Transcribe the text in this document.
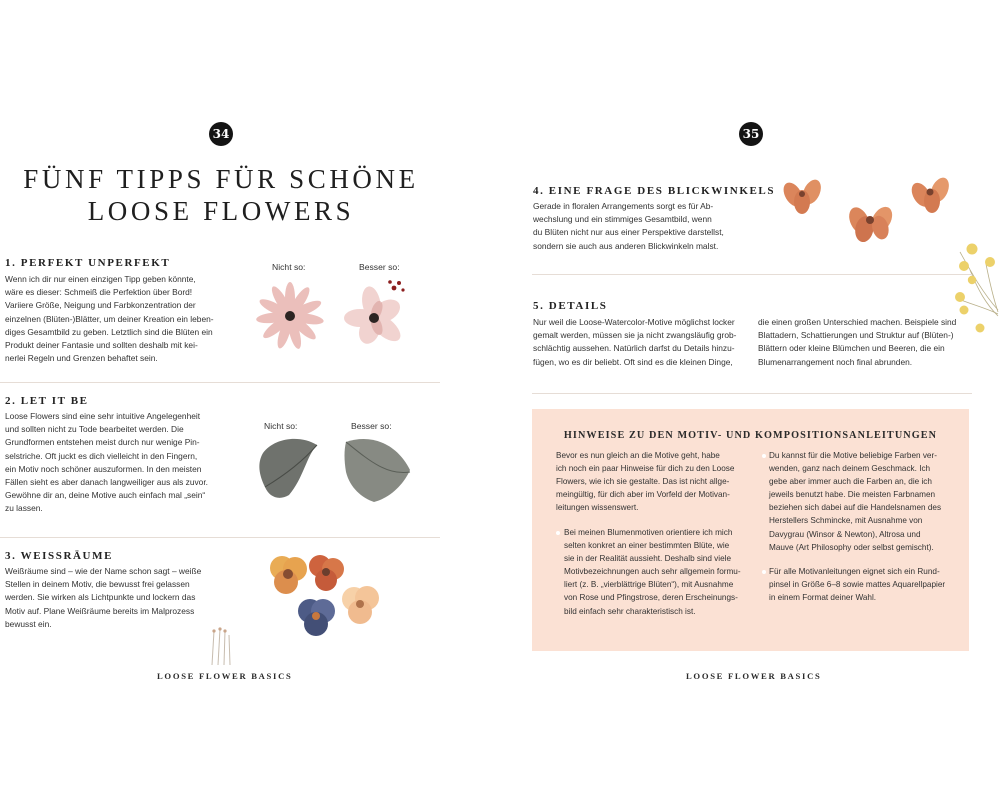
34
FÜNF TIPPS FÜR SCHÖNE
LOOSE FLOWERS
1. PERFEKT UNPERFEKT
Wenn ich dir nur einen einzigen Tipp geben könnte,
wäre es dieser: Schmeiß die Perfektion über Bord!
Variiere Größe, Neigung und Farbkonzentration der
einzelnen (Blüten-)Blätter, um deiner Kreation ein leben-
diges Gesamtbild zu geben. Letztlich sind die Blüten ein
Produkt deiner Fantasie und sollten deshalb mit kei-
nerlei Regeln und Grenzen behaftet sein.
Nicht so:	Besser so:
2. LET IT BE
Loose Flowers sind eine sehr intuitive Angelegenheit
und sollten nicht zu Tode bearbeitet werden. Die
Grundformen entstehen meist durch nur wenige Pin-
selstriche. Oft juckt es dich vielleicht in den Fingern,
ein Motiv noch schöner auszuformen. In den meisten
Fällen sieht es aber danach langweiliger aus als zuvor.
Gewöhne dir an, deine Motive auch einfach mal „sein“
zu lassen.
Nicht so:	Besser so:
3. WEISSRÄUME
Weißräume sind – wie der Name schon sagt – weiße
Stellen in deinem Motiv, die bewusst frei gelassen
werden. Sie wirken als Lichtpunkte und lockern das
Motiv auf. Plane Weißräume bereits im Malprozess
bewusst ein.
LOOSE FLOWER BASICS
35
4. EINE FRAGE DES BLICKWINKELS
Gerade in floralen Arrangements sorgt es für Ab-
wechslung und ein stimmiges Gesamtbild, wenn
du Blüten nicht nur aus einer Perspektive darstellst,
sondern sie auch aus anderen Blickwinkeln malst.
5. DETAILS
Nur weil die Loose-Watercolor-Motive möglichst locker
gemalt werden, müssen sie ja nicht zwangsläufig grob-
schlächtig aussehen. Natürlich darfst du Details hinzu-
fügen, wo es dir beliebt. Oft sind es die kleinen Dinge,
die einen großen Unterschied machen. Beispiele sind
Blattadern, Schattierungen und Struktur auf (Blüten-)
Blättern oder kleine Blümchen und Beeren, die ein
Blumenarrangement noch final abrunden.
HINWEISE ZU DEN MOTIV- UND KOMPOSITIONSANLEITUNGEN
Bevor es nun gleich an die Motive geht, habe
ich noch ein paar Hinweise für dich zu den Loose
Flowers, wie ich sie gestalte. Das ist nicht allge-
meingültig, für dich aber im Vorfeld der Motivan-
leitungen wissenswert.
Bei meinen Blumenmotiven orientiere ich mich
selten konkret an einer bestimmten Blüte, wie
sie in der Realität aussieht. Deshalb sind viele
Motivbezeichnungen auch sehr allgemein formu-
liert (z. B. „vierblättrige Blüten“), mit Ausnahme
von Rose und Pfingstrose, deren Erscheinungs-
bild einfach sehr charakteristisch ist.
Du kannst für die Motive beliebige Farben ver-
wenden, ganz nach deinem Geschmack. Ich
gebe aber immer auch die Farben an, die ich
jeweils benutzt habe. Die meisten Farbnamen
beziehen sich dabei auf die Handelsnamen des
Herstellers Schmincke, mit Ausnahme von
Davygrau (Winsor & Newton), Altrosa und
Mauve (Art Philosophy oder selbst gemischt).
Für alle Motivanleitungen eignet sich ein Rund-
pinsel in Größe 6–8 sowie mattes Aquarellpapier
in einem Format deiner Wahl.
LOOSE FLOWER BASICS
